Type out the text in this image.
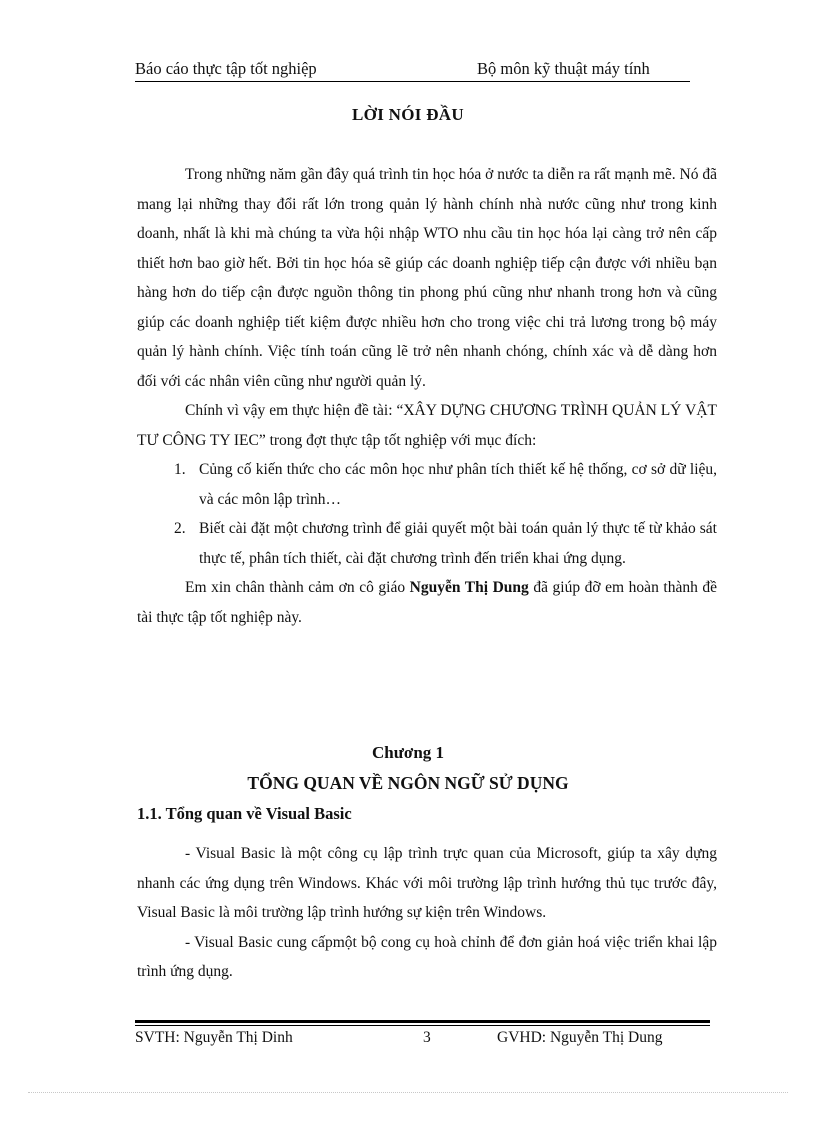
Báo cáo thực tập tốt nghiệp	Bộ môn kỹ thuật máy tính
LỜI NÓI ĐẦU

Trong những năm gần đây quá trình tin học hóa ở nước ta diễn ra rất mạnh mẽ. Nó đã mang lại những thay đổi rất lớn trong quản lý hành chính nhà nước cũng như trong kinh doanh, nhất là khi mà chúng ta vừa hội nhập WTO nhu cầu tin học hóa lại càng trở nên cấp thiết hơn bao giờ hết. Bởi tin học hóa sẽ giúp các doanh nghiệp tiếp cận được với nhiều bạn hàng hơn do tiếp cận được nguồn thông tin phong phú cũng như nhanh trong hơn và cũng giúp các doanh nghiệp tiết kiệm được nhiều hơn cho trong việc chi trả lương trong bộ máy quản lý hành chính. Việc tính toán cũng lẽ trở nên nhanh chóng, chính xác và dễ dàng hơn đối với các nhân viên cũng như người quản lý.

Chính vì vậy em thực hiện đề tài: “XÂY DỰNG CHƯƠNG TRÌNH QUẢN LÝ VẬT TƯ CÔNG TY IEC” trong đợt thực tập tốt nghiệp với mục đích:

1. Củng cố kiến thức cho các môn học như phân tích thiết kế hệ thống, cơ sở dữ liệu, và các môn lập trình…
2. Biết cài đặt một chương trình để giải quyết một bài toán quản lý thực tế từ khảo sát thực tế, phân tích thiết, cài đặt chương trình đến triển khai ứng dụng.

Em xin chân thành cảm ơn cô giáo Nguyễn Thị Dung đã giúp đỡ em hoàn thành đề tài thực tập tốt nghiệp này.

Chương 1
TỔNG QUAN VỀ NGÔN NGỮ SỬ DỤNG
1.1. Tổng quan về Visual Basic

- Visual Basic là một công cụ lập trình trực quan của Microsoft, giúp ta xây dựng nhanh các ứng dụng trên Windows. Khác với môi trường lập trình hướng thủ tục trước đây, Visual Basic là môi trường lập trình hướng sự kiện trên Windows.

- Visual Basic cung cấpmột bộ cong cụ hoà chỉnh để đơn giản hoá việc triển khai lập trình ứng dụng.

SVTH: Nguyễn Thị Dinh	3	GVHD: Nguyễn Thị Dung
